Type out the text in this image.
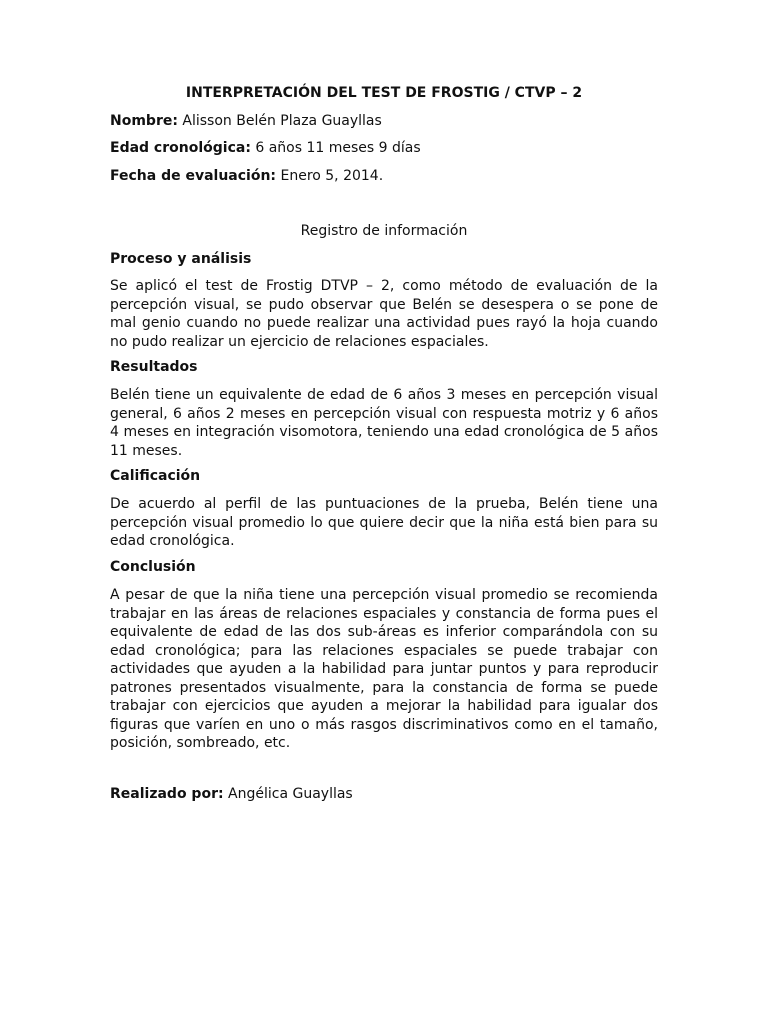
INTERPRETACIÓN DEL TEST DE FROSTIG / CTVP – 2
Nombre: Alisson Belén Plaza Guayllas
Edad cronológica: 6 años 11 meses 9 días
Fecha de evaluación: Enero 5, 2014.
Registro de información
Proceso y análisis
Se aplicó el test de Frostig DTVP – 2, como método de evaluación de la percepción visual, se pudo observar que Belén se desespera o se pone de mal genio cuando no puede realizar una actividad pues rayó la hoja cuando no pudo realizar un ejercicio de relaciones espaciales.
Resultados
Belén tiene un equivalente de edad de 6 años 3 meses en percepción visual general, 6 años 2 meses en percepción visual con respuesta motriz y 6 años 4 meses en integración visomotora, teniendo una edad cronológica de 5 años 11 meses.
Calificación
De acuerdo al perfil de las puntuaciones de la prueba, Belén tiene una percepción visual promedio lo que quiere decir que la niña está bien para su edad cronológica.
Conclusión
A pesar de que la niña tiene una percepción visual promedio se recomienda trabajar en las áreas de relaciones espaciales y constancia de forma pues el equivalente de edad de las dos sub-áreas es inferior comparándola con su edad cronológica; para las relaciones espaciales se puede trabajar con actividades que ayuden a la habilidad para juntar puntos y para reproducir patrones presentados visualmente, para la constancia de forma se puede trabajar con ejercicios que ayuden a mejorar la habilidad para igualar dos figuras que varíen en uno o más rasgos discriminativos como en el tamaño, posición, sombreado, etc.
Realizado por: Angélica Guayllas
